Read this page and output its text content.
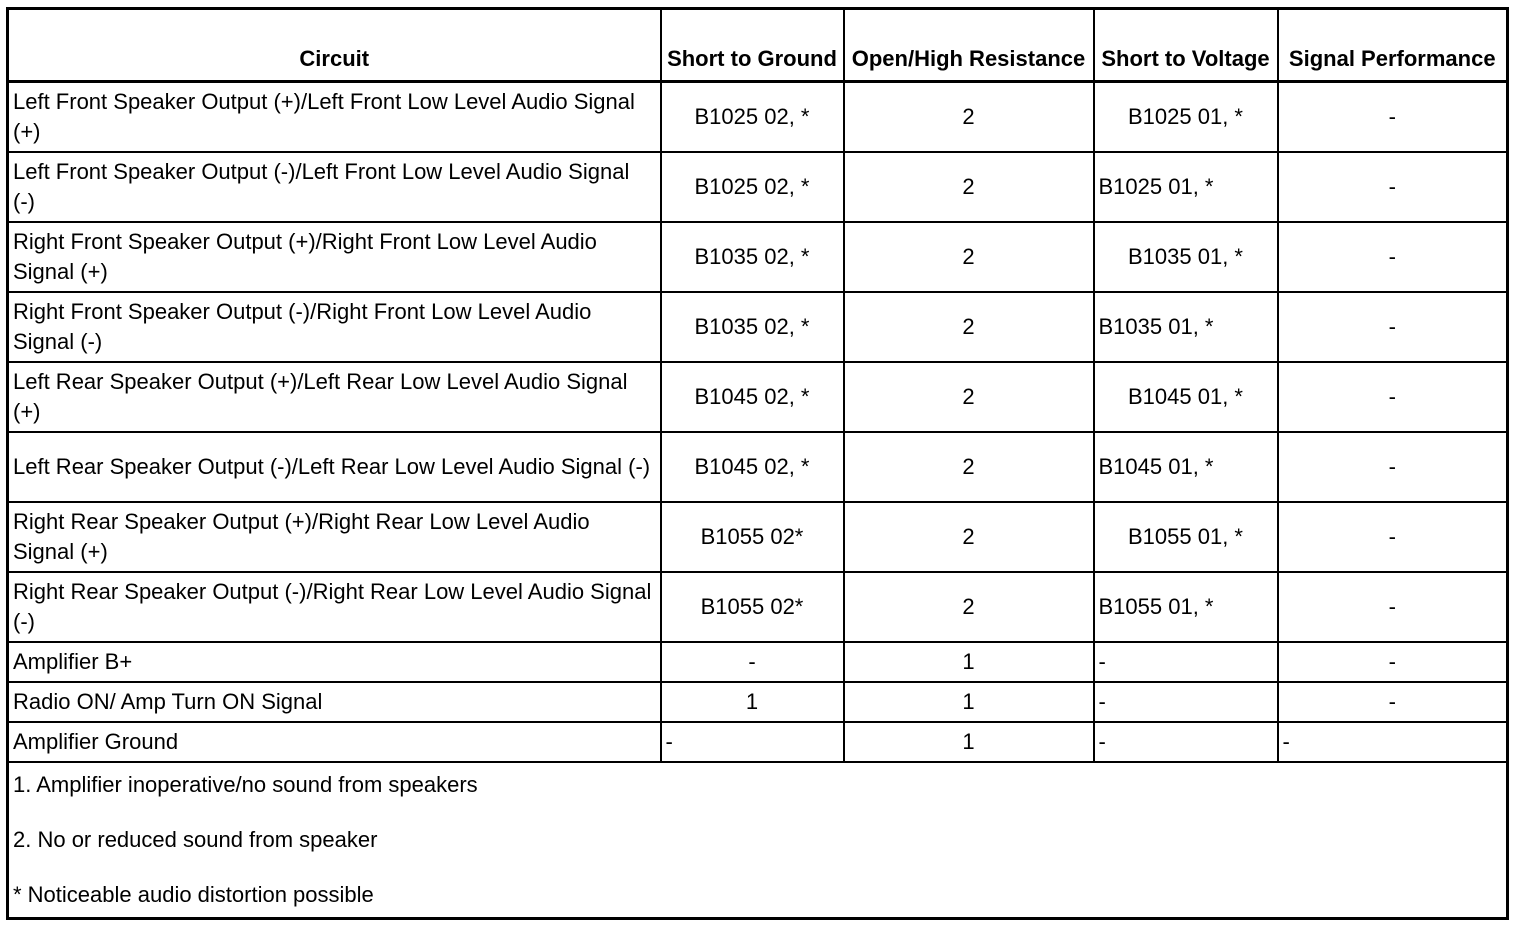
Circuit	Short to Ground	Open/High Resistance	Short to Voltage	Signal Performance
Left Front Speaker Output (+)/Left Front Low Level Audio Signal (+)	B1025 02, *	2	B1025 01, *	-
Left Front Speaker Output (-)/Left Front Low Level Audio Signal (-)	B1025 02, *	2	B1025 01, *	-
Right Front Speaker Output (+)/Right Front Low Level Audio Signal (+)	B1035 02, *	2	B1035 01, *	-
Right Front Speaker Output (-)/Right Front Low Level Audio Signal (-)	B1035 02, *	2	B1035 01, *	-
Left Rear Speaker Output (+)/Left Rear Low Level Audio Signal (+)	B1045 02, *	2	B1045 01, *	-
Left Rear Speaker Output (-)/Left Rear Low Level Audio Signal (-)	B1045 02, *	2	B1045 01, *	-
Right Rear Speaker Output (+)/Right Rear Low Level Audio Signal (+)	B1055 02*	2	B1055 01, *	-
Right Rear Speaker Output (-)/Right Rear Low Level Audio Signal (-)	B1055 02*	2	B1055 01, *	-
Amplifier B+	-	1	-	-
Radio ON/ Amp Turn ON Signal	1	1	-	-
Amplifier Ground	-	1	-	-

1. Amplifier inoperative/no sound from speakers
2. No or reduced sound from speaker
* Noticeable audio distortion possible				
